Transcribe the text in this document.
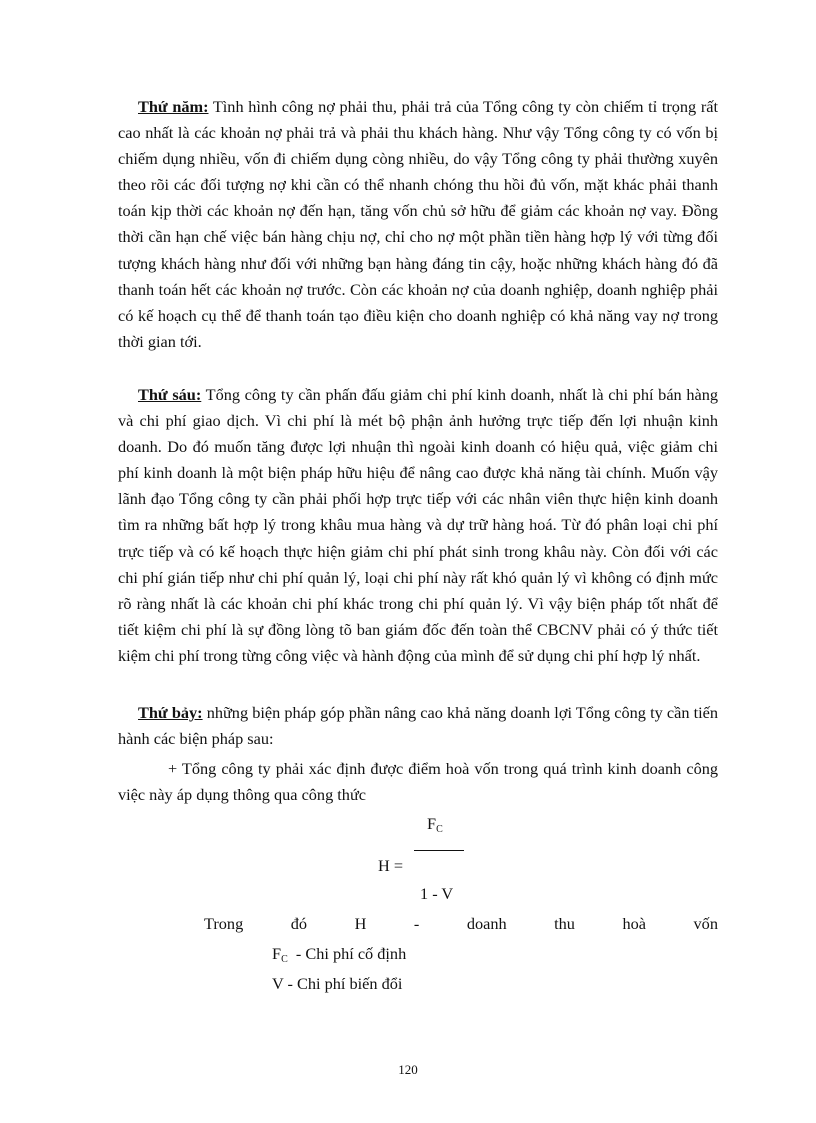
Thứ năm: Tình hình công nợ phải thu, phải trả của Tổng công ty còn chiếm tỉ trọng rất cao nhất là các khoản nợ phải trả và phải thu khách hàng. Như vậy Tổng công ty có vốn bị chiếm dụng nhiều, vốn đi chiếm dụng còng nhiều, do vậy Tổng công ty phải thường xuyên theo rõi các đối tượng nợ khi cần có thể nhanh chóng thu hồi đủ vốn, mặt khác phải thanh toán kịp thời các khoản nợ đến hạn, tăng vốn chủ sở hữu để giảm các khoản nợ vay. Đồng thời cần hạn chế việc bán hàng chịu nợ, chỉ cho nợ một phần tiền hàng hợp lý với từng đối tượng khách hàng như đối với những bạn hàng đáng tin cậy, hoặc những khách hàng đó đã thanh toán hết các khoản nợ trước. Còn các khoản nợ của doanh nghiệp, doanh nghiệp phải có kế hoạch cụ thể để thanh toán tạo điều kiện cho doanh nghiệp có khả năng vay nợ trong thời gian tới.

Thứ sáu: Tổng công ty cần phấn đấu giảm chi phí kinh doanh, nhất là chi phí bán hàng và chi phí giao dịch. Vì chi phí là mét bộ phận ảnh hưởng trực tiếp đến lợi nhuận kinh doanh. Do đó muốn tăng được lợi nhuận thì ngoài kinh doanh có hiệu quả, việc giảm chi phí kinh doanh là một biện pháp hữu hiệu để nâng cao được khả năng tài chính. Muốn vậy lãnh đạo Tổng công ty cần phải phối hợp trực tiếp với các nhân viên thực hiện kinh doanh tìm ra những bất hợp lý trong khâu mua hàng và dự trữ hàng hoá. Từ đó phân loại chi phí trực tiếp và có kế hoạch thực hiện giảm chi phí phát sinh trong khâu này. Còn đối với các chi phí gián tiếp như chi phí quản lý, loại chi phí này rất khó quản lý vì không có định mức rõ ràng nhất là các khoản chi phí khác trong chi phí quản lý. Vì vậy biện pháp tốt nhất để tiết kiệm chi phí là sự đồng lòng tõ ban giám đốc đến toàn thể CBCNV phải có ý thức tiết kiệm chi phí trong từng công việc và hành động của mình để sử dụng chi phí hợp lý nhất.

Thứ bảy: những biện pháp góp phần nâng cao khả năng doanh lợi Tổng công ty cần tiến hành các biện pháp sau:

+ Tổng công ty phải xác định được điểm hoà vốn trong quá trình kinh doanh công việc này áp dụng thông qua công thức

$F_C$
H =
1 - V
Trong	đó	H	-	doanh	thu	hoà	vốn
$F_C$  - Chi phí cố định
V - Chi phí biến đổi
120
